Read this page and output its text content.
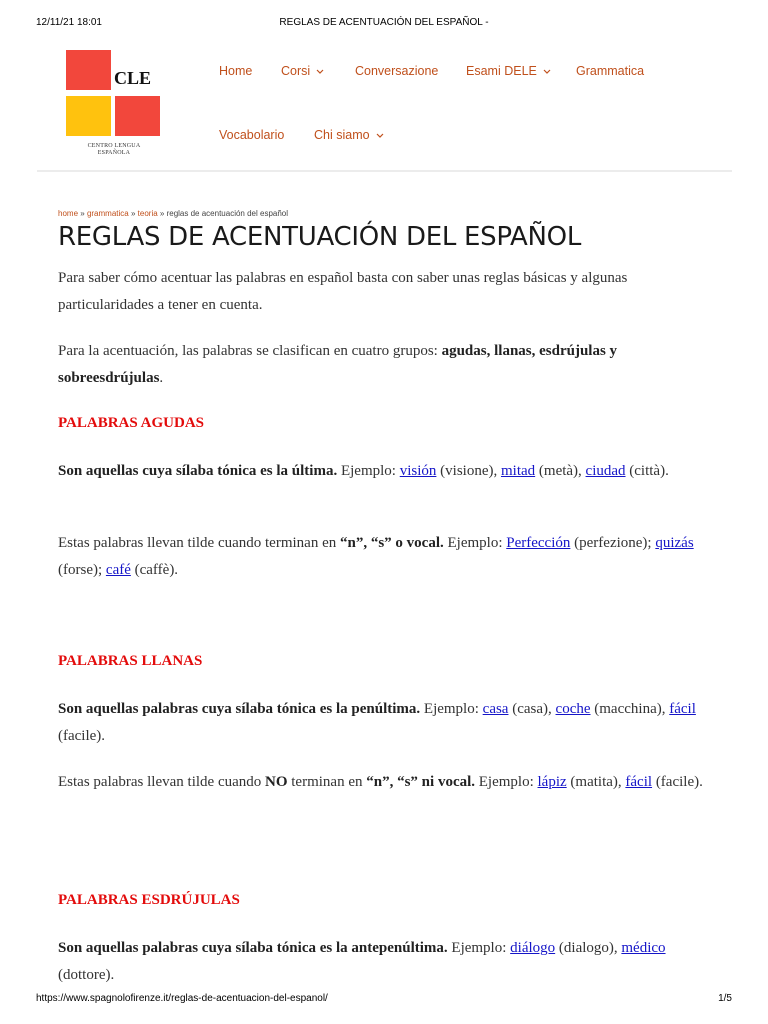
12/11/21 18:01	REGLAS DE ACENTUACIÓN DEL ESPAÑOL -
CLE
CENTRO LENGUA
ESPAÑOLA
Home Corsi	Conversazione Esami DELE	Grammatica
Vocabolario Chi siamo
home » grammatica » teoria » reglas de acentuación del español
REGLAS DE ACENTUACIÓN DEL ESPAÑOL

Para saber cómo acentuar las palabras en español basta con saber unas reglas básicas y algunas particularidades a tener en cuenta.

Para la acentuación, las palabras se clasifican en cuatro grupos: agudas, llanas, esdrújulas y sobreesdrújulas.

PALABRAS AGUDAS

Son aquellas cuya sílaba tónica es la última. Ejemplo: visión (visione), mitad (metà), ciudad (città).

Estas palabras llevan tilde cuando terminan en “n”, “s” o vocal. Ejemplo: Perfección (perfezione); quizás (forse); café (caffè).

PALABRAS LLANAS

Son aquellas palabras cuya sílaba tónica es la penúltima. Ejemplo: casa (casa), coche (macchina), fácil (facile).

Estas palabras llevan tilde cuando NO terminan en “n”, “s” ni vocal. Ejemplo: lápiz (matita), fácil (facile).

PALABRAS ESDRÚJULAS

Son aquellas palabras cuya sílaba tónica es la antepenúltima. Ejemplo: diálogo (dialogo), médico (dottore).

https://www.spagnolofirenze.it/reglas-de-acentuacion-del-espanol/	1/5
